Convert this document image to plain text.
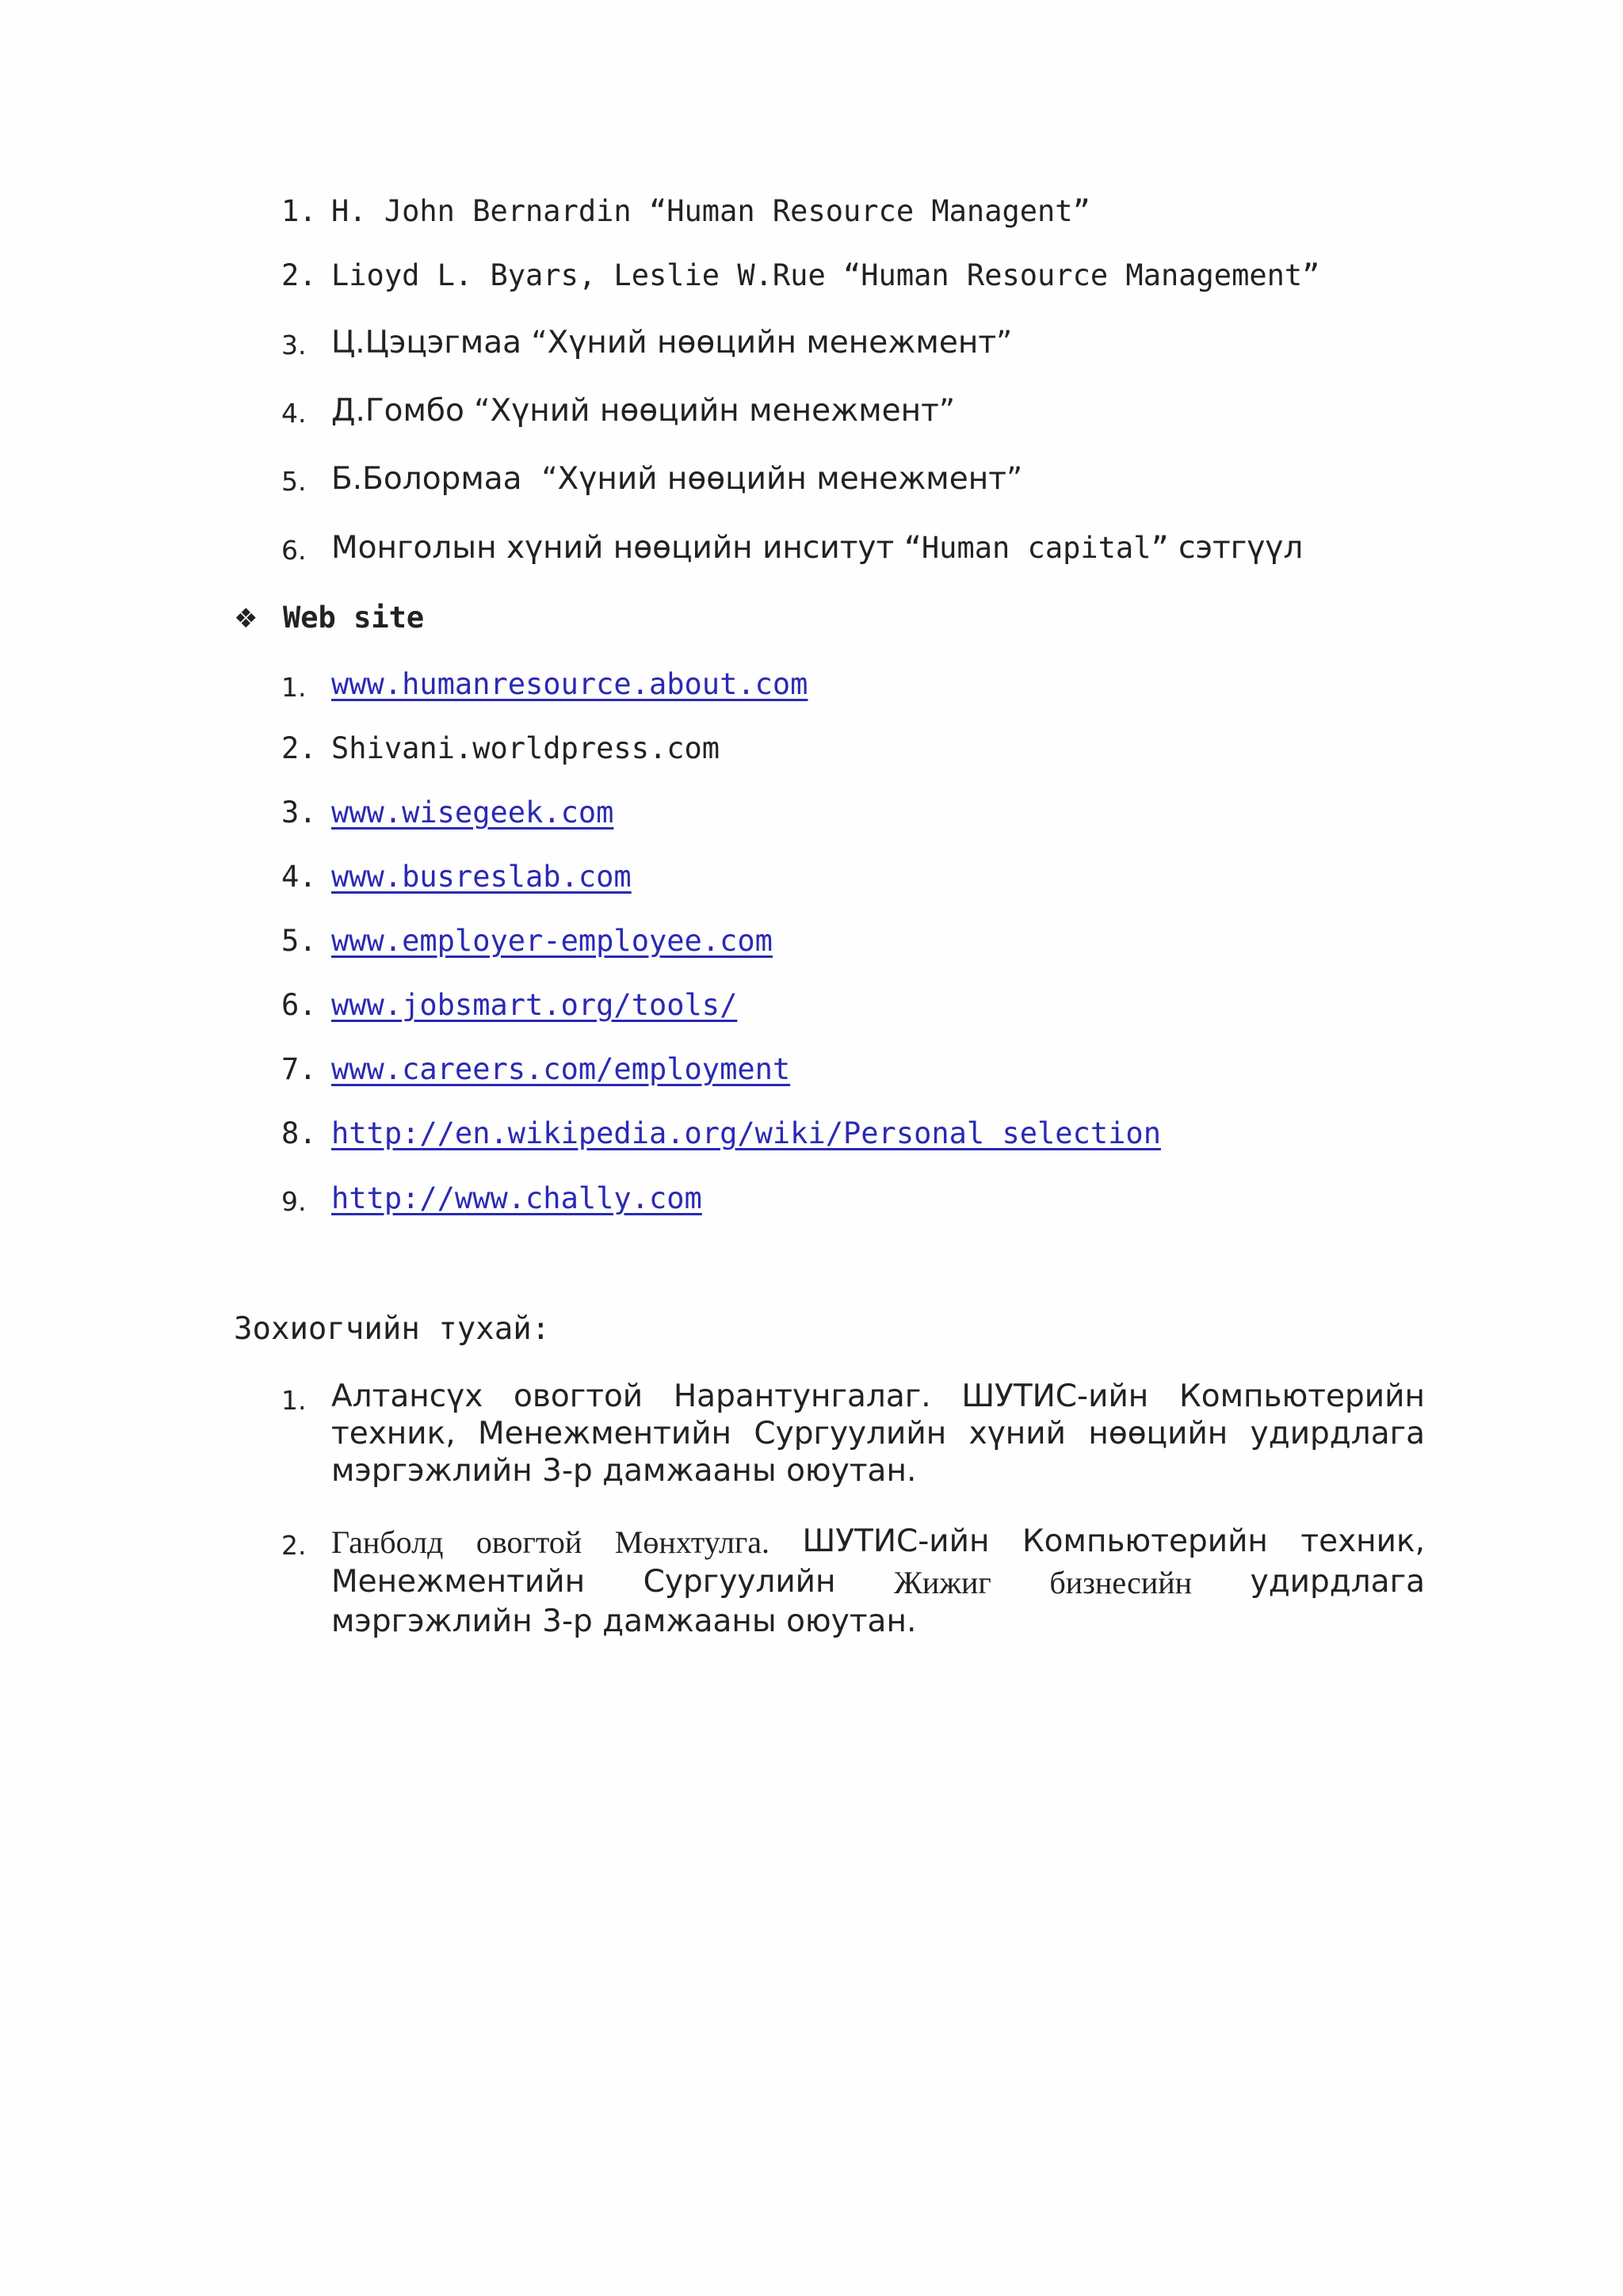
1. H. John Bernardin “Human Resource Managent”
2. Lioyd L. Byars, Leslie W.Rue “Human Resource Management”
3. Ц.Цэцэгмаа “Хүний нөөцийн менежмент”
4. Д.Гомбо “Хүний нөөцийн менежмент”
5. Б.Болормаа  “Хүний нөөцийн менежмент”
6. Монголын хүний нөөцийн инситут “Human capital” сэтгүүл
❖ Web site
1. www.humanresource.about.com
2. Shivani.worldpress.com
3. www.wisegeek.com
4. www.busreslab.com
5. www.employer-employee.com
6. www.jobsmart.org/tools/
7. www.careers.com/employment
8. http://en.wikipedia.org/wiki/Personal_selection
9. http://www.chally.com
Зохиогчийн тухай:
1. Алтансүх овогтой Нарантунгалаг. ШУТИС-ийн Компьютерийн
техник, Менежментийн Сургуулийн хүний нөөцийн удирдлага
мэргэжлийн 3-р дамжааны оюутан.
2. Ганболд овогтой Мөнхтулга. ШУТИС-ийн Компьютерийн техник,
Менежментийн Сургуулийн Жижиг бизнесийн удирдлага
мэргэжлийн 3-р дамжааны оюутан.
